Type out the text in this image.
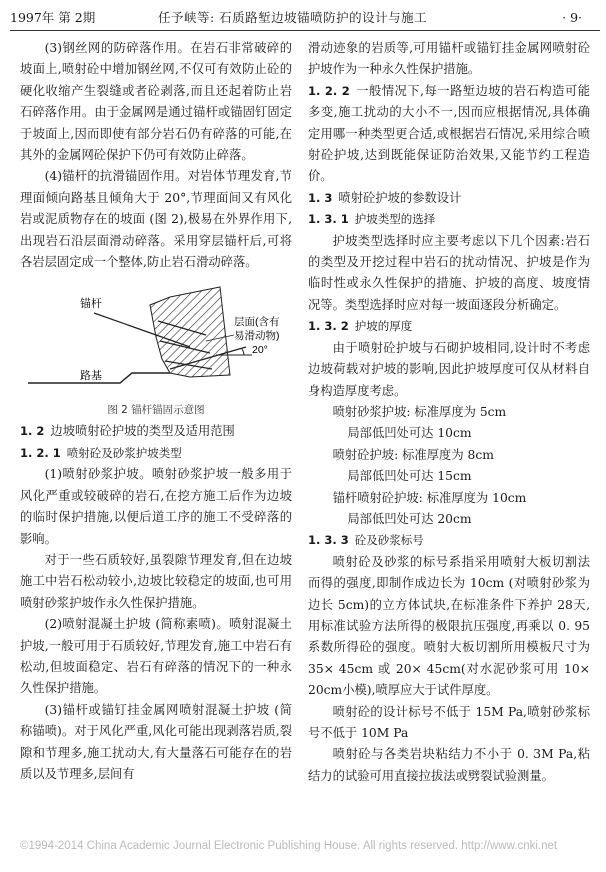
1997年 第 2期	任予峡等: 石质路堑边坡锚喷防护的设计与施工	· 9·

(3)钢丝网的防碎落作用。在岩石非常破碎的坡面上,喷射砼中增加钢丝网,不仅可有效防止砼的硬化收缩产生裂缝或者砼剥落,而且还起着防止岩石碎落作用。由于金属网是通过锚杆或锚固钉固定于坡面上,因而即使有部分岩石仍有碎落的可能,在其外的金属网砼保护下仍可有效防止碎落。

(4)锚杆的抗滑锚固作用。对岩体节理发育,节理面倾向路基且倾角大于 20°,节理面间又有风化岩或泥质物存在的坡面 (图 2),极易在外界作用下,出现岩石沿层面滑动碎落。采用穿层锚杆后,可将各岩层固定成一个整体,防止岩石滑动碎落。

锚杆
路基
层面(含有
易滑动物)
20°
图 2 锚杆锚固示意图
1. 2 边坡喷射砼护坡的类型及适用范围
1. 2. 1 喷射砼及砂浆护坡类型

(1)喷射砂浆护坡。喷射砂浆护坡一般多用于风化严重或较破碎的岩石,在挖方施工后作为边坡的临时保护措施,以便后道工序的施工不受碎落的影响。

对于一些石质较好,虽裂隙节理发育,但在边坡施工中岩石松动较小,边坡比较稳定的坡面,也可用喷射砂浆护坡作永久性保护措施。

(2)喷射混凝土护坡 (简称素喷)。喷射混凝土护坡,一般可用于石质较好,节理发育,施工中岩石有松动,但坡面稳定、岩石有碎落的情况下的一种永久性保护措施。

(3)锚杆或锚钉挂金属网喷射混凝土护坡 (简称锚喷)。对于风化严重,风化可能出现剥落岩质,裂隙和节理多,施工扰动大,有大量落石可能存在的岩质以及节理多,层间有

滑动迹象的岩质等,可用锚杆或锚钉挂金属网喷射砼护坡作为一种永久性保护措施。

1. 2. 2 一般情况下,每一路堑边坡的岩石构造可能多变,施工扰动的大小不一,因而应根据情况,具体确定用哪一种类型更合适,或根据岩石情况,采用综合喷射砼护坡,达到既能保证防治效果,又能节约工程造价。

1. 3 喷射砼护坡的参数设计
1. 3. 1 护坡类型的选择

护坡类型选择时应主要考虑以下几个因素:岩石的类型及开挖过程中岩石的扰动情况、护坡是作为临时性或永久性保护的措施、护坡的高度、坡度情况等。类型选择时应对每一坡面逐段分析确定。

1. 3. 2 护坡的厚度

由于喷射砼护坡与石砌护坡相同,设计时不考虑边坡荷载对护坡的影响,因此护坡厚度可仅从材料自身构造厚度考虑。

喷射砂浆护坡: 标准厚度为 5cm
局部低凹处可达 10cm
喷射砼护坡: 标准厚度为 8cm
局部低凹处可达 15cm
锚杆喷射砼护坡: 标准厚度为 10cm
局部低凹处可达 20cm
1. 3. 3 砼及砂浆标号

喷射砼及砂浆的标号系指采用喷射大板切割法而得的强度,即制作成边长为 10cm (对喷射砂浆为边长 5cm)的立方体试块,在标准条件下养护 28天,用标准试验方法所得的极限抗压强度,再乘以 0. 95系数所得砼的强度。喷射大板切割所用模板尺寸为 35× 45cm 或 20× 45cm(对水泥砂浆可用 10× 20cm小模),喷厚应大于试件厚度。

喷射砼的设计标号不低于 15M Pa,喷射砂浆标号不低于 10M Pa

喷射砼与各类岩块粘结力不小于 0. 3M Pa,粘结力的试验可用直接拉拔法或劈裂试验测量。

©1994-2014 China Academic Journal Electronic Publishing House. All rights reserved. http://www.cnki.net
